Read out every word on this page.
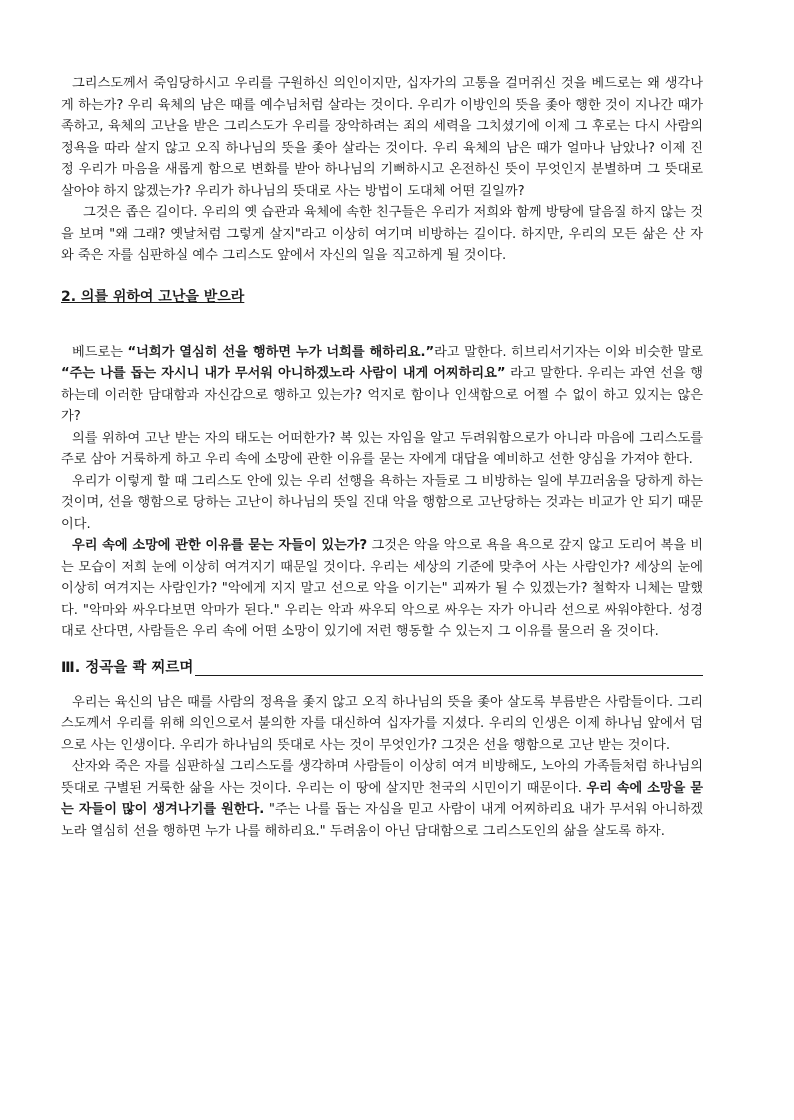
그리스도께서 죽임당하시고 우리를 구원하신 의인이지만, 십자가의 고통을 걸머쥐신 것을 베드로는 왜 생각나게 하는가? 우리 육체의 남은 때를 예수님처럼 살라는 것이다. 우리가 이방인의 뜻을 좇아 행한 것이 지나간 때가 족하고, 육체의 고난을 받은 그리스도가 우리를 장악하려는 죄의 세력을 그치셨기에 이제 그 후로는 다시 사람의 정욕을 따라 살지 않고 오직 하나님의 뜻을 좇아 살라는 것이다. 우리 육체의 남은 때가 얼마나 남았나? 이제 진정 우리가 마음을 새롭게 함으로 변화를 받아 하나님의 기뻐하시고 온전하신 뜻이 무엇인지 분별하며 그 뜻대로 살아야 하지 않겠는가? 우리가 하나님의 뜻대로 사는 방법이 도대체 어떤 길일까?

그것은 좁은 길이다. 우리의 옛 습관과 육체에 속한 친구들은 우리가 저희와 함께 방탕에 달음질 하지 않는 것을 보며 "왜 그래? 옛날처럼 그렇게 살지"라고 이상히 여기며 비방하는 길이다. 하지만, 우리의 모든 삶은 산 자와 죽은 자를 심판하실 예수 그리스도 앞에서 자신의 일을 직고하게 될 것이다.

2. 의를 위하여 고난을 받으라

베드로는 “너희가 열심히 선을 행하면 누가 너희를 해하리요.”라고 말한다. 히브리서기자는 이와 비슷한 말로 “주는 나를 돕는 자시니 내가 무서워 아니하겠노라 사람이 내게 어찌하리요” 라고 말한다. 우리는 과연 선을 행하는데 이러한 담대함과 자신감으로 행하고 있는가? 억지로 함이나 인색함으로 어쩔 수 없이 하고 있지는 않은가?

의를 위하여 고난 받는 자의 태도는 어떠한가? 복 있는 자임을 알고 두려워함으로가 아니라 마음에 그리스도를 주로 삼아 거룩하게 하고 우리 속에 소망에 관한 이유를 묻는 자에게 대답을 예비하고 선한 양심을 가져야 한다.

우리가 이렇게 할 때 그리스도 안에 있는 우리 선행을 욕하는 자들로 그 비방하는 일에 부끄러움을 당하게 하는 것이며, 선을 행함으로 당하는 고난이 하나님의 뜻일 진대 악을 행함으로 고난당하는 것과는 비교가 안 되기 때문이다.

우리 속에 소망에 관한 이유를 묻는 자들이 있는가? 그것은 악을 악으로 욕을 욕으로 갚지 않고 도리어 복을 비는 모습이 저희 눈에 이상히 여겨지기 때문일 것이다. 우리는 세상의 기준에 맞추어 사는 사람인가? 세상의 눈에 이상히 여겨지는 사람인가? "악에게 지지 말고 선으로 악을 이기는" 괴짜가 될 수 있겠는가? 철학자 니체는 말했다. "악마와 싸우다보면 악마가 된다." 우리는 악과 싸우되 악으로 싸우는 자가 아니라 선으로 싸워야한다. 성경대로 산다면, 사람들은 우리 속에 어떤 소망이 있기에 저런 행동할 수 있는지 그 이유를 물으러 올 것이다.

Ⅲ. 정곡을 콱 찌르며

우리는 육신의 남은 때를 사람의 정욕을 좇지 않고 오직 하나님의 뜻을 좇아 살도록 부름받은 사람들이다. 그리스도께서 우리를 위해 의인으로서 불의한 자를 대신하여 십자가를 지셨다. 우리의 인생은 이제 하나님 앞에서 덤으로 사는 인생이다. 우리가 하나님의 뜻대로 사는 것이 무엇인가? 그것은 선을 행함으로 고난 받는 것이다.

산자와 죽은 자를 심판하실 그리스도를 생각하며 사람들이 이상히 여겨 비방해도, 노아의 가족들처럼 하나님의 뜻대로 구별된 거룩한 삶을 사는 것이다. 우리는 이 땅에 살지만 천국의 시민이기 때문이다. 우리 속에 소망을 묻는 자들이 많이 생겨나기를 원한다. "주는 나를 돕는 자심을 믿고 사람이 내게 어찌하리요 내가 무서워 아니하겠노라 열심히 선을 행하면 누가 나를 해하리요." 두려움이 아닌 담대함으로 그리스도인의 삶을 살도록 하자.
